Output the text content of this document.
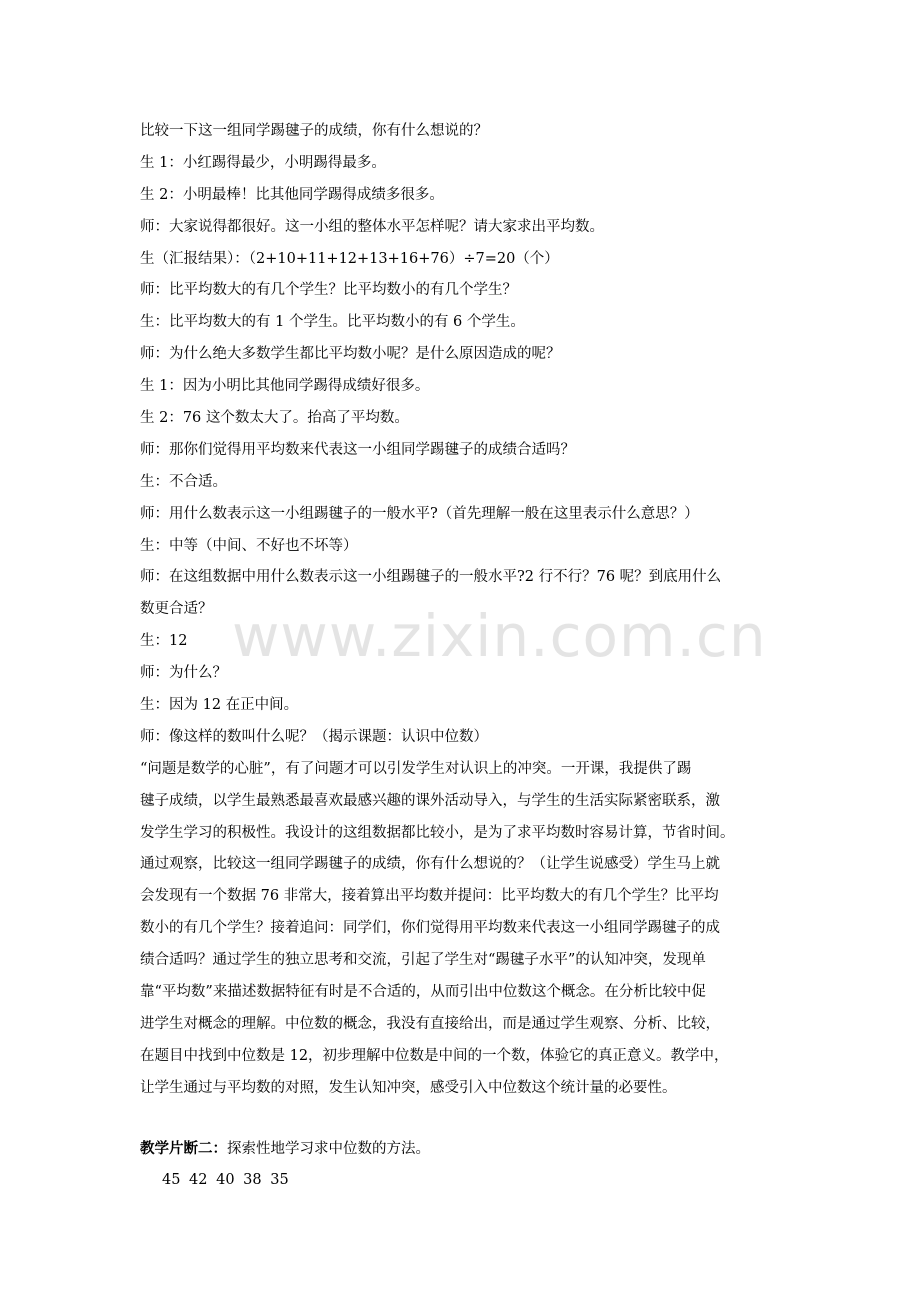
比较一下这一组同学踢毽子的成绩，你有什么想说的？
生 1：小红踢得最少，小明踢得最多。
生 2：小明最棒！比其他同学踢得成绩多很多。
师：大家说得都很好。这一小组的整体水平怎样呢？请大家求出平均数。
生（汇报结果）：（2+10+11+12+13+16+76）÷7=20（个）
师：比平均数大的有几个学生？比平均数小的有几个学生？
生：比平均数大的有 1 个学生。比平均数小的有 6 个学生。
师：为什么绝大多数学生都比平均数小呢？是什么原因造成的呢？
生 1：因为小明比其他同学踢得成绩好很多。
生 2：76 这个数太大了。抬高了平均数。
师：那你们觉得用平均数来代表这一小组同学踢毽子的成绩合适吗？
生：不合适。
师：用什么数表示这一小组踢毽子的一般水平?（首先理解一般在这里表示什么意思？）
生：中等（中间、不好也不坏等）
师：在这组数据中用什么数表示这一小组踢毽子的一般水平?2 行不行？76 呢？到底用什么
数更合适？
生：12
师：为什么？
生：因为 12 在正中间。
师：像这样的数叫什么呢？（揭示课题：认识中位数）
“问题是数学的心脏”，有了问题才可以引发学生对认识上的冲突。一开课，我提供了踢
毽子成绩，以学生最熟悉最喜欢最感兴趣的课外活动导入，与学生的生活实际紧密联系，激
发学生学习的积极性。我设计的这组数据都比较小，是为了求平均数时容易计算，节省时间。
通过观察，比较这一组同学踢毽子的成绩，你有什么想说的？（让学生说感受）学生马上就
会发现有一个数据 76 非常大，接着算出平均数并提问：比平均数大的有几个学生？比平均
数小的有几个学生？接着追问：同学们，你们觉得用平均数来代表这一小组同学踢毽子的成
绩合适吗？通过学生的独立思考和交流，引起了学生对“踢毽子水平”的认知冲突，发现单
靠“平均数”来描述数据特征有时是不合适的，从而引出中位数这个概念。在分析比较中促
进学生对概念的理解。中位数的概念，我没有直接给出，而是通过学生观察、分析、比较，
在题目中找到中位数是 12，初步理解中位数是中间的一个数，体验它的真正意义。教学中，
让学生通过与平均数的对照，发生认知冲突，感受引入中位数这个统计量的必要性。
教学片断二：探索性地学习求中位数的方法。
45 42 40 38 35
www.zixin.com.cn
